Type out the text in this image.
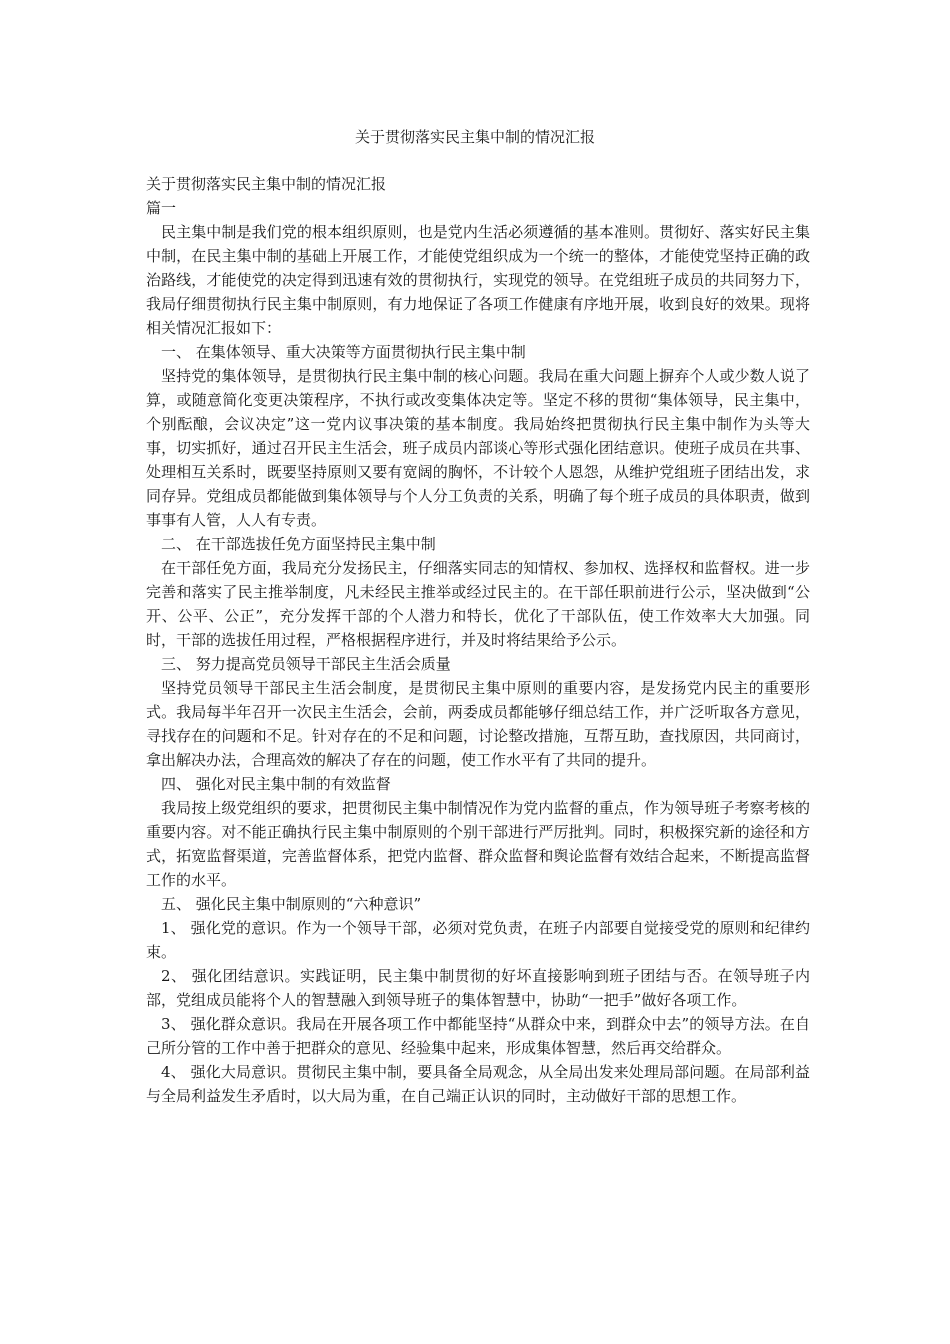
关于贯彻落实民主集中制的情况汇报

关于贯彻落实民主集中制的情况汇报

篇一

民主集中制是我们党的根本组织原则，也是党内生活必须遵循的基本准则。贯彻好、落实好民主集中制，在民主集中制的基础上开展工作，才能使党组织成为一个统一的整体，才能使党坚持正确的政治路线，才能使党的决定得到迅速有效的贯彻执行，实现党的领导。在党组班子成员的共同努力下，我局仔细贯彻执行民主集中制原则，有力地保证了各项工作健康有序地开展，收到良好的效果。现将相关情况汇报如下：

一、 在集体领导、重大决策等方面贯彻执行民主集中制

坚持党的集体领导，是贯彻执行民主集中制的核心问题。我局在重大问题上摒弃个人或少数人说了算，或随意简化变更决策程序，不执行或改变集体决定等。坚定不移的贯彻“集体领导，民主集中，个别酝酿，会议决定”这一党内议事决策的基本制度。我局始终把贯彻执行民主集中制作为头等大事，切实抓好，通过召开民主生活会，班子成员内部谈心等形式强化团结意识。使班子成员在共事、处理相互关系时，既要坚持原则又要有宽阔的胸怀，不计较个人恩怨，从维护党组班子团结出发，求同存异。党组成员都能做到集体领导与个人分工负责的关系，明确了每个班子成员的具体职责，做到事事有人管，人人有专责。

二、 在干部选拔任免方面坚持民主集中制

在干部任免方面，我局充分发扬民主，仔细落实同志的知情权、参加权、选择权和监督权。进一步完善和落实了民主推举制度，凡未经民主推举或经过民主的。在干部任职前进行公示，坚决做到“公开、公平、公正”，充分发挥干部的个人潜力和特长，优化了干部队伍，使工作效率大大加强。同时，干部的选拔任用过程，严格根据程序进行，并及时将结果给予公示。

三、 努力提高党员领导干部民主生活会质量

坚持党员领导干部民主生活会制度，是贯彻民主集中原则的重要内容，是发扬党内民主的重要形式。我局每半年召开一次民主生活会，会前，两委成员都能够仔细总结工作，并广泛听取各方意见，寻找存在的问题和不足。针对存在的不足和问题，讨论整改措施，互帮互助，查找原因，共同商讨，拿出解决办法，合理高效的解决了存在的问题，使工作水平有了共同的提升。

四、 强化对民主集中制的有效监督

我局按上级党组织的要求，把贯彻民主集中制情况作为党内监督的重点，作为领导班子考察考核的重要内容。对不能正确执行民主集中制原则的个别干部进行严厉批判。同时，积极探究新的途径和方式，拓宽监督渠道，完善监督体系，把党内监督、群众监督和舆论监督有效结合起来，不断提高监督工作的水平。

五、 强化民主集中制原则的“六种意识”

1、 强化党的意识。作为一个领导干部，必须对党负责，在班子内部要自觉接受党的原则和纪律约束。

2、 强化团结意识。实践证明，民主集中制贯彻的好坏直接影响到班子团结与否。在领导班子内部，党组成员能将个人的智慧融入到领导班子的集体智慧中，协助“一把手”做好各项工作。

3、 强化群众意识。我局在开展各项工作中都能坚持“从群众中来，到群众中去”的领导方法。在自己所分管的工作中善于把群众的意见、经验集中起来，形成集体智慧，然后再交给群众。

4、 强化大局意识。贯彻民主集中制，要具备全局观念，从全局出发来处理局部问题。在局部利益与全局利益发生矛盾时，以大局为重，在自己端正认识的同时，主动做好干部的思想工作。
